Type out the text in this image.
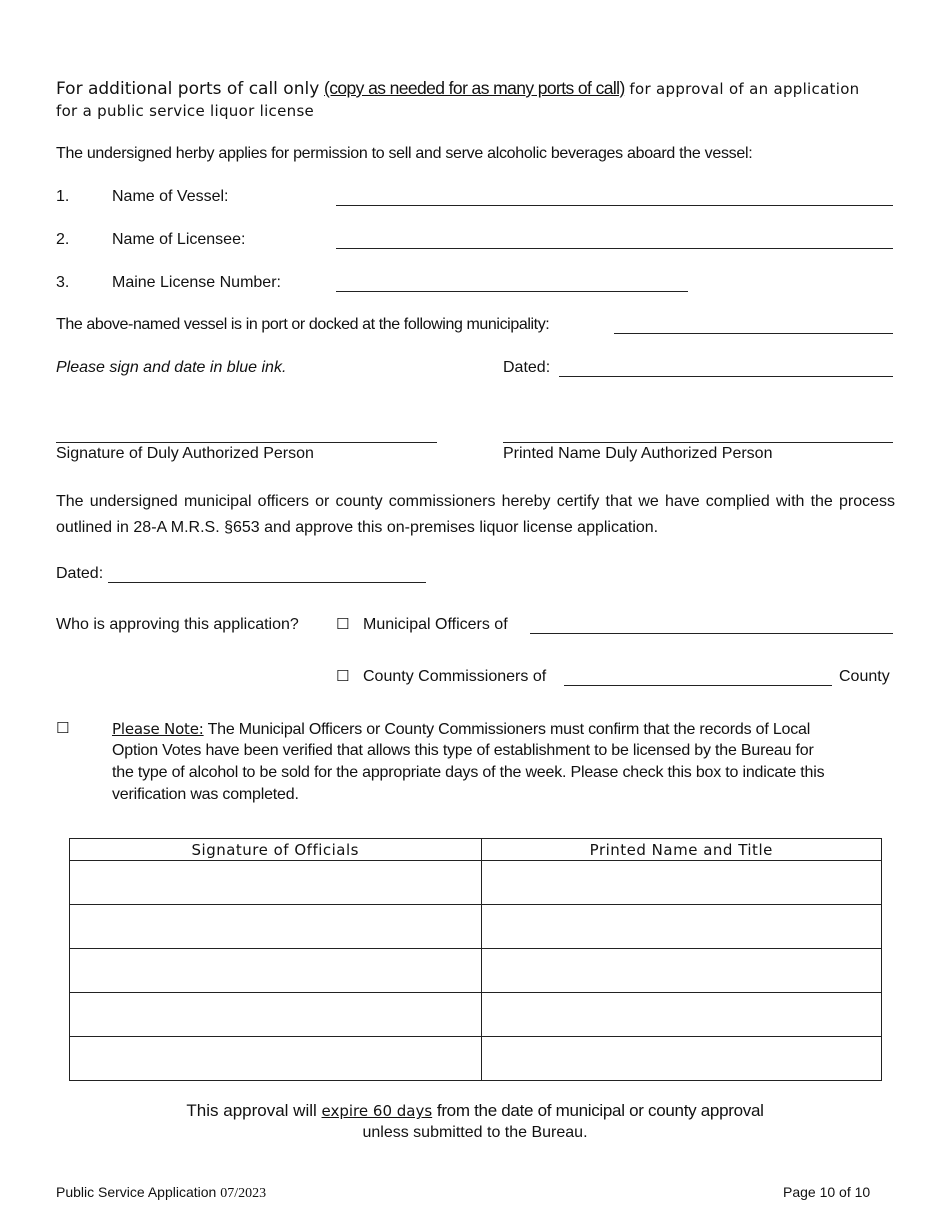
For additional ports of call only (copy as needed for as many ports of call) for approval of an application
for a public service liquor license
The undersigned herby applies for permission to sell and serve alcoholic beverages aboard the vessel:
1.	Name of Vessel:
2.	Name of Licensee:
3.	Maine License Number:
The above-named vessel is in port or docked at the following municipality:
Please sign and date in blue ink.	Dated:
Signature of Duly Authorized Person	Printed Name Duly Authorized Person
The undersigned municipal officers or county commissioners hereby certify that we have complied with the process outlined in 28-A M.R.S. §653 and approve this on-premises liquor license application.
Dated:
Who is approving this application? ☐ Municipal Officers of
☐ County Commissioners of	County
☐	Please Note: The Municipal Officers or County Commissioners must confirm that the records of Local
Option Votes have been verified that allows this type of establishment to be licensed by the Bureau for
the type of alcohol to be sold for the appropriate days of the week. Please check this box to indicate this
verification was completed.
Signature of Officials	Printed Name and Title

This approval will expire 60 days from the date of municipal or county approval
unless submitted to the Bureau.
Public Service Application 07/2023	Page 10 of 10
